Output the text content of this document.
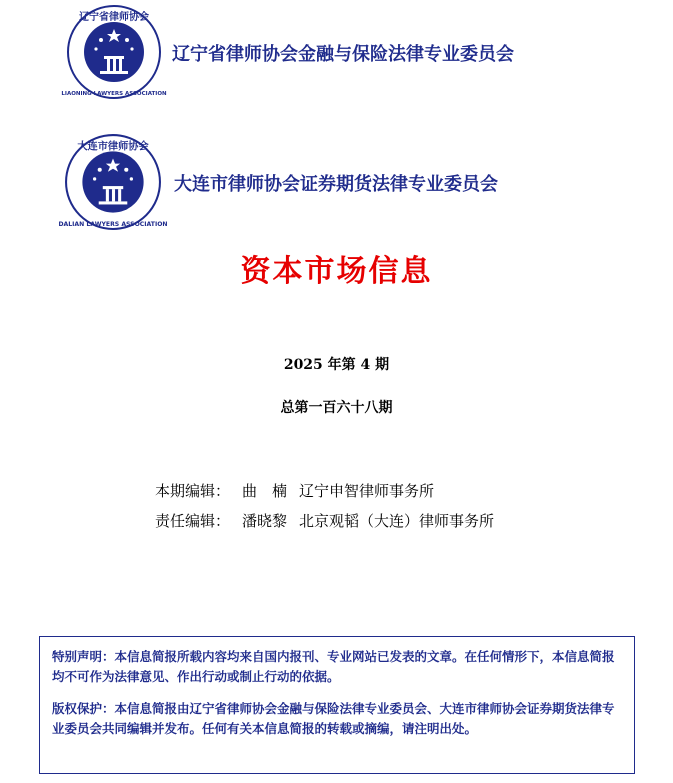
辽宁省律师协会
LIAONING LAWYERS ASSOCIATION
辽宁省律师协会金融与保险法律专业委员会
大连市律师协会
DALIAN LAWYERS ASSOCIATION
大连市律师协会证券期货法律专业委员会
资本市场信息
2025 年第 4 期
总第一百六十八期
本期编辑： 曲　楠 辽宁申智律师事务所
责任编辑： 潘晓黎 北京观韬（大连）律师事务所

特别声明：本信息简报所载内容均来自国内报刊、专业网站已发表的文章。在任何情形下，本信息简报均不可作为法律意见、作出行动或制止行动的依据。

版权保护：本信息简报由辽宁省律师协会金融与保险法律专业委员会、大连市律师协会证券期货法律专业委员会共同编辑并发布。任何有关本信息简报的转载或摘编，请注明出处。
